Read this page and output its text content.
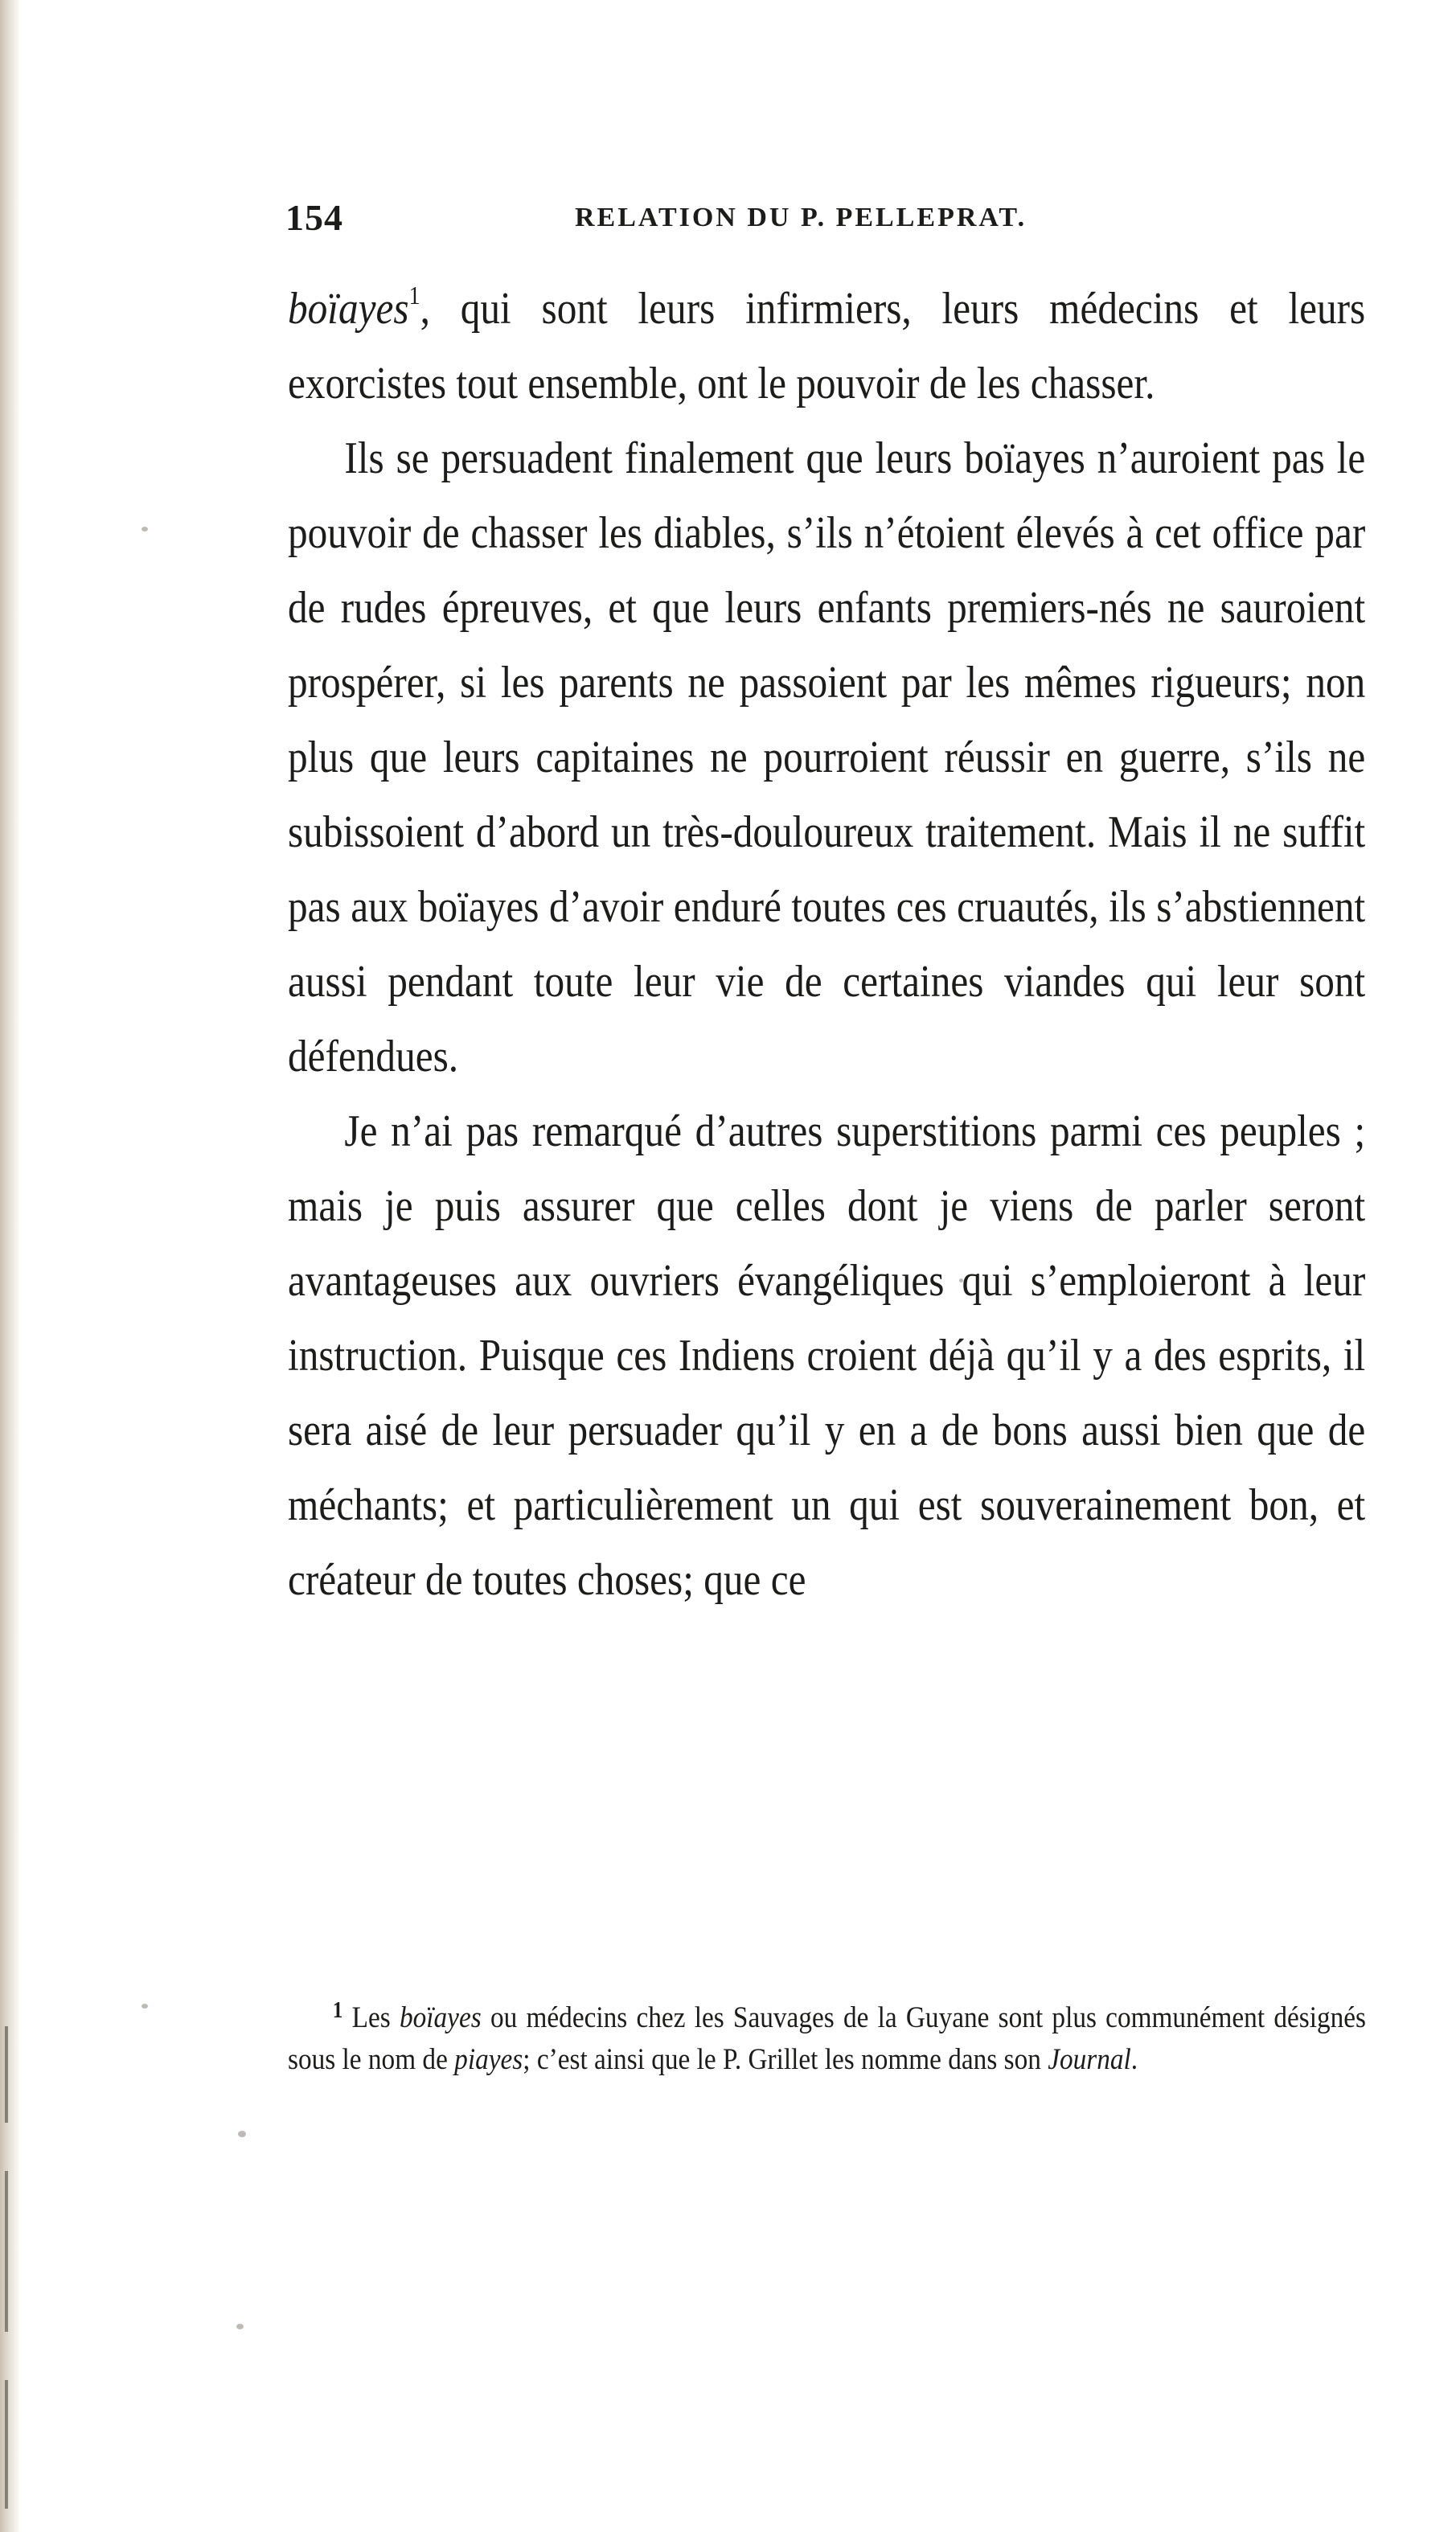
154	RELATION DU P. PELLEPRAT.

boïayes$^1$, qui sont leurs infirmiers, leurs médecins et leurs exorcistes tout ensemble, ont le pouvoir de les chasser.

Ils se persuadent finalement que leurs boïayes n’auroient pas le pouvoir de chasser les diables, s’ils n’étoient élevés à cet office par de rudes épreuves, et que leurs enfants premiers-nés ne sauroient prospérer, si les parents ne passoient par les mêmes rigueurs; non plus que leurs capitaines ne pourroient réussir en guerre, s’ils ne subissoient d’abord un très-douloureux traitement. Mais il ne suffit pas aux boïayes d’avoir enduré toutes ces cruautés, ils s’abstiennent aussi pendant toute leur vie de certaines viandes qui leur sont défendues.

Je n’ai pas remarqué d’autres superstitions parmi ces peuples ; mais je puis assurer que celles dont je viens de parler seront avantageuses aux ouvriers évangéliques qui s’emploieront à leur instruction. Puisque ces Indiens croient déjà qu’il y a des esprits, il sera aisé de leur persuader qu’il y en a de bons aussi bien que de méchants; et particulièrement un qui est souverainement bon, et créateur de toutes choses; que ce

$^1$ Les boïayes ou médecins chez les Sauvages de la Guyane sont plus communément désignés sous le nom de piayes; c’est ainsi que le P. Grillet les nomme dans son Journal.
